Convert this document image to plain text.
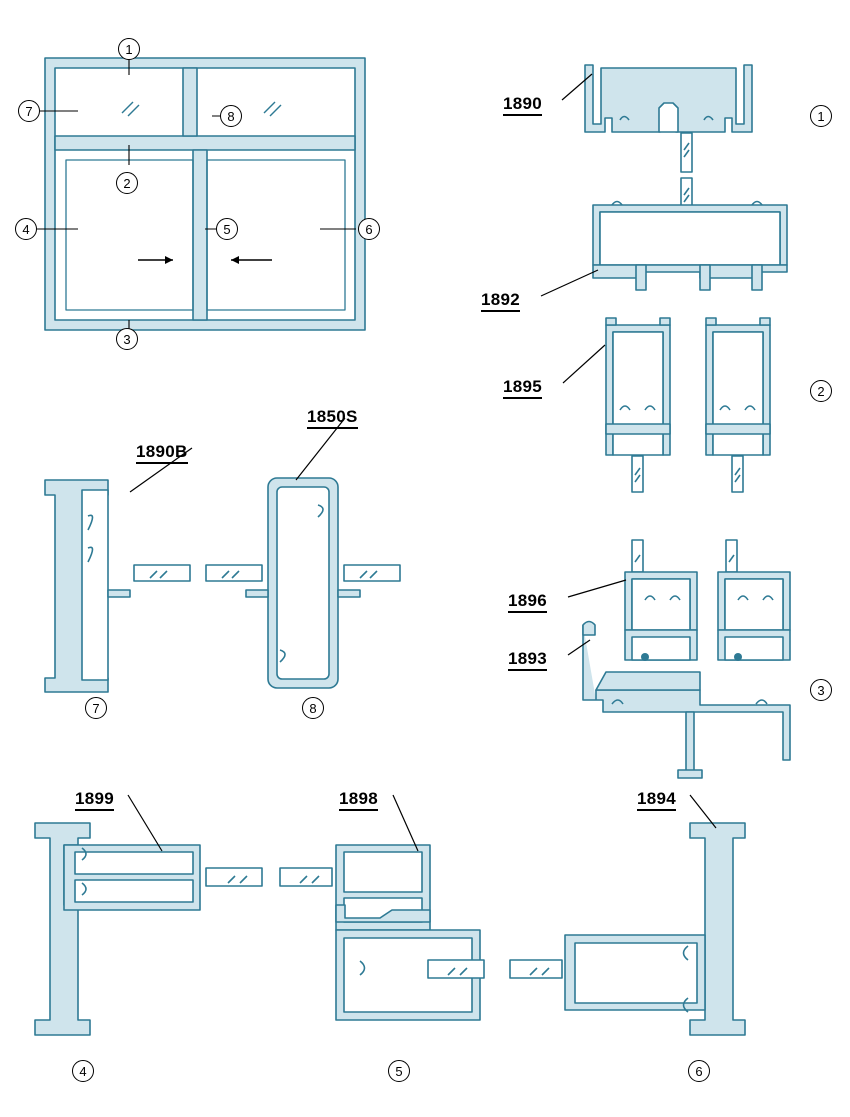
1890
1892
1895
1896
1893
1890B
1850S
1899	1898	1894
1
7	8
2
4	5	6
3
1
2
3
7	8
4	5	6
